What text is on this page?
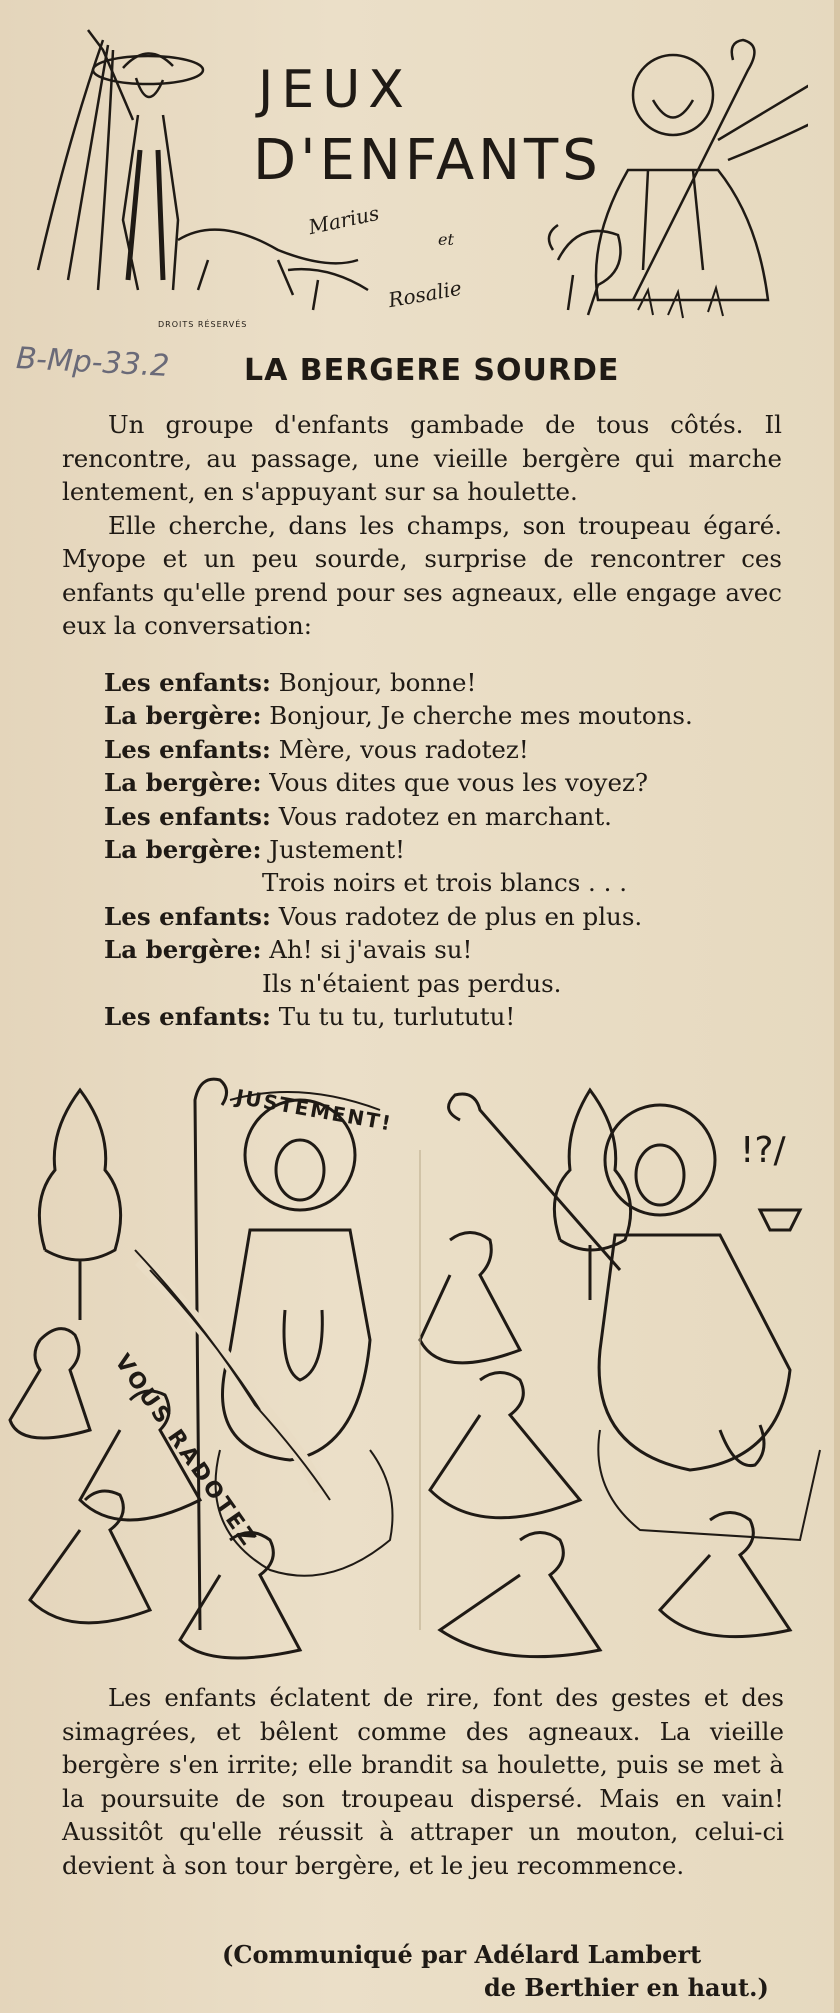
JEUX
D'ENFANTS
Marius
et
Rosalie
DROITS RÉSERVÉS
B-Mp-33.2 LA BERGERE SOURDE

Un groupe d'enfants gambade de tous côtés. Il rencontre, au passage, une vieille bergère qui marche lentement, en s'appuyant sur sa houlette.

Elle cherche, dans les champs, son troupeau égaré. Myope et un peu sourde, surprise de rencontrer ces enfants qu'elle prend pour ses agneaux, elle engage avec eux la conversation:

Les enfants: Bonjour, bonne!
La bergère: Bonjour, Je cherche mes moutons.
Les enfants: Mère, vous radotez!
La bergère: Vous dites que vous les voyez?
Les enfants: Vous radotez en marchant.
La bergère: Justement!
Trois noirs et trois blancs . . .
Les enfants: Vous radotez de plus en plus.
La bergère: Ah! si j'avais su!
Ils n'étaient pas perdus.
Les enfants: Tu tu tu, turlututu!
JUSTEMENT!
VOUS RADOTEZ
!?/

Les enfants éclatent de rire, font des gestes et des simagrées, et bêlent comme des agneaux. La vieille bergère s'en irrite; elle brandit sa houlette, puis se met à la poursuite de son troupeau dispersé. Mais en vain! Aussitôt qu'elle réussit à attraper un mouton, celui-ci devient à son tour bergère, et le jeu recommence.

(Communiqué par Adélard Lambert
de Berthier en haut.)
